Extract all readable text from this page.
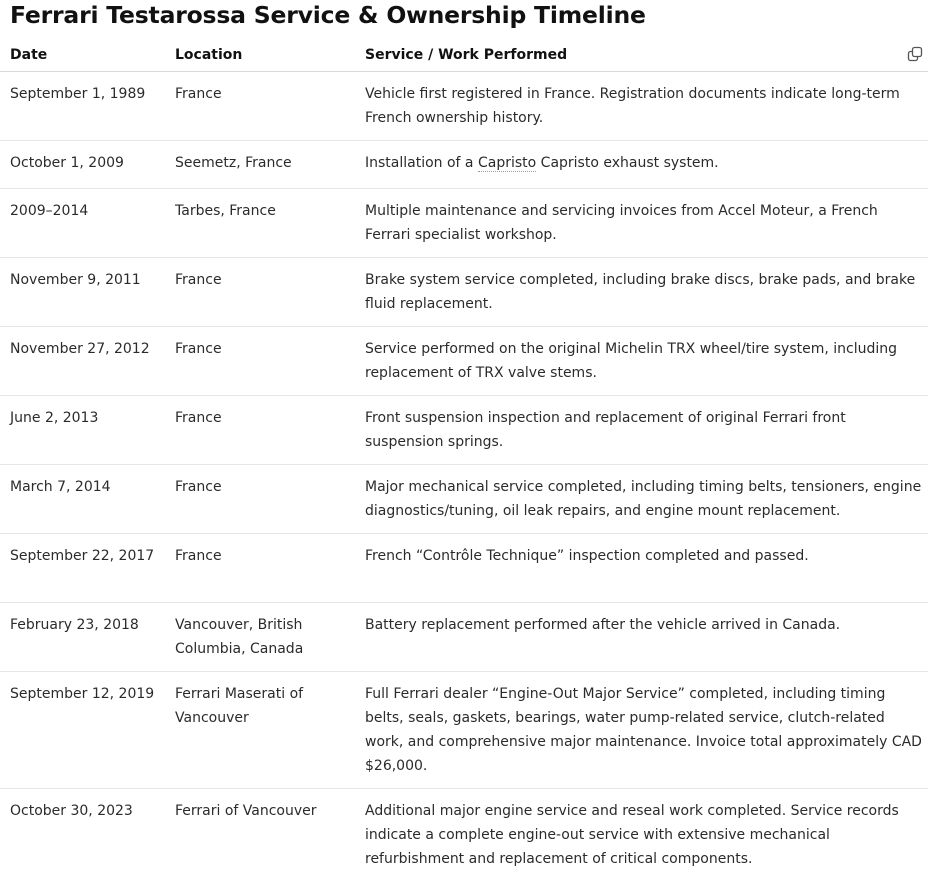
Ferrari Testarossa Service & Ownership Timeline
Date	Location	Service / Work Performed

September 1, 1989	France	Vehicle first registered in France. Registration documents indicate long-term French ownership history.
October 1, 2009	Seemetz, France	Installation of a Capristo Capristo exhaust system.
2009–2014	Tarbes, France	Multiple maintenance and servicing invoices from Accel Moteur, a French Ferrari specialist workshop.
November 9, 2011	France	Brake system service completed, including brake discs, brake pads, and brake fluid replacement.
November 27, 2012	France	Service performed on the original Michelin TRX wheel/tire system, including replacement of TRX valve stems.
June 2, 2013	France	Front suspension inspection and replacement of original Ferrari front suspension springs.
March 7, 2014	France	Major mechanical service completed, including timing belts, tensioners, engine diagnostics/tuning, oil leak repairs, and engine mount replacement.
September 22, 2017	France	French “Contrôle Technique” inspection completed and passed.
February 23, 2018	Vancouver, British Columbia, Canada	Battery replacement performed after the vehicle arrived in Canada.
September 12, 2019	Ferrari Maserati of Vancouver	Full Ferrari dealer “Engine-Out Major Service” completed, including timing belts, seals, gaskets, bearings, water pump-related service, clutch-related work, and comprehensive major maintenance. Invoice total approximately CAD $26,000.
October 30, 2023	Ferrari of Vancouver	Additional major engine service and reseal work completed. Service records indicate a complete engine-out service with extensive mechanical refurbishment and replacement of critical components.
